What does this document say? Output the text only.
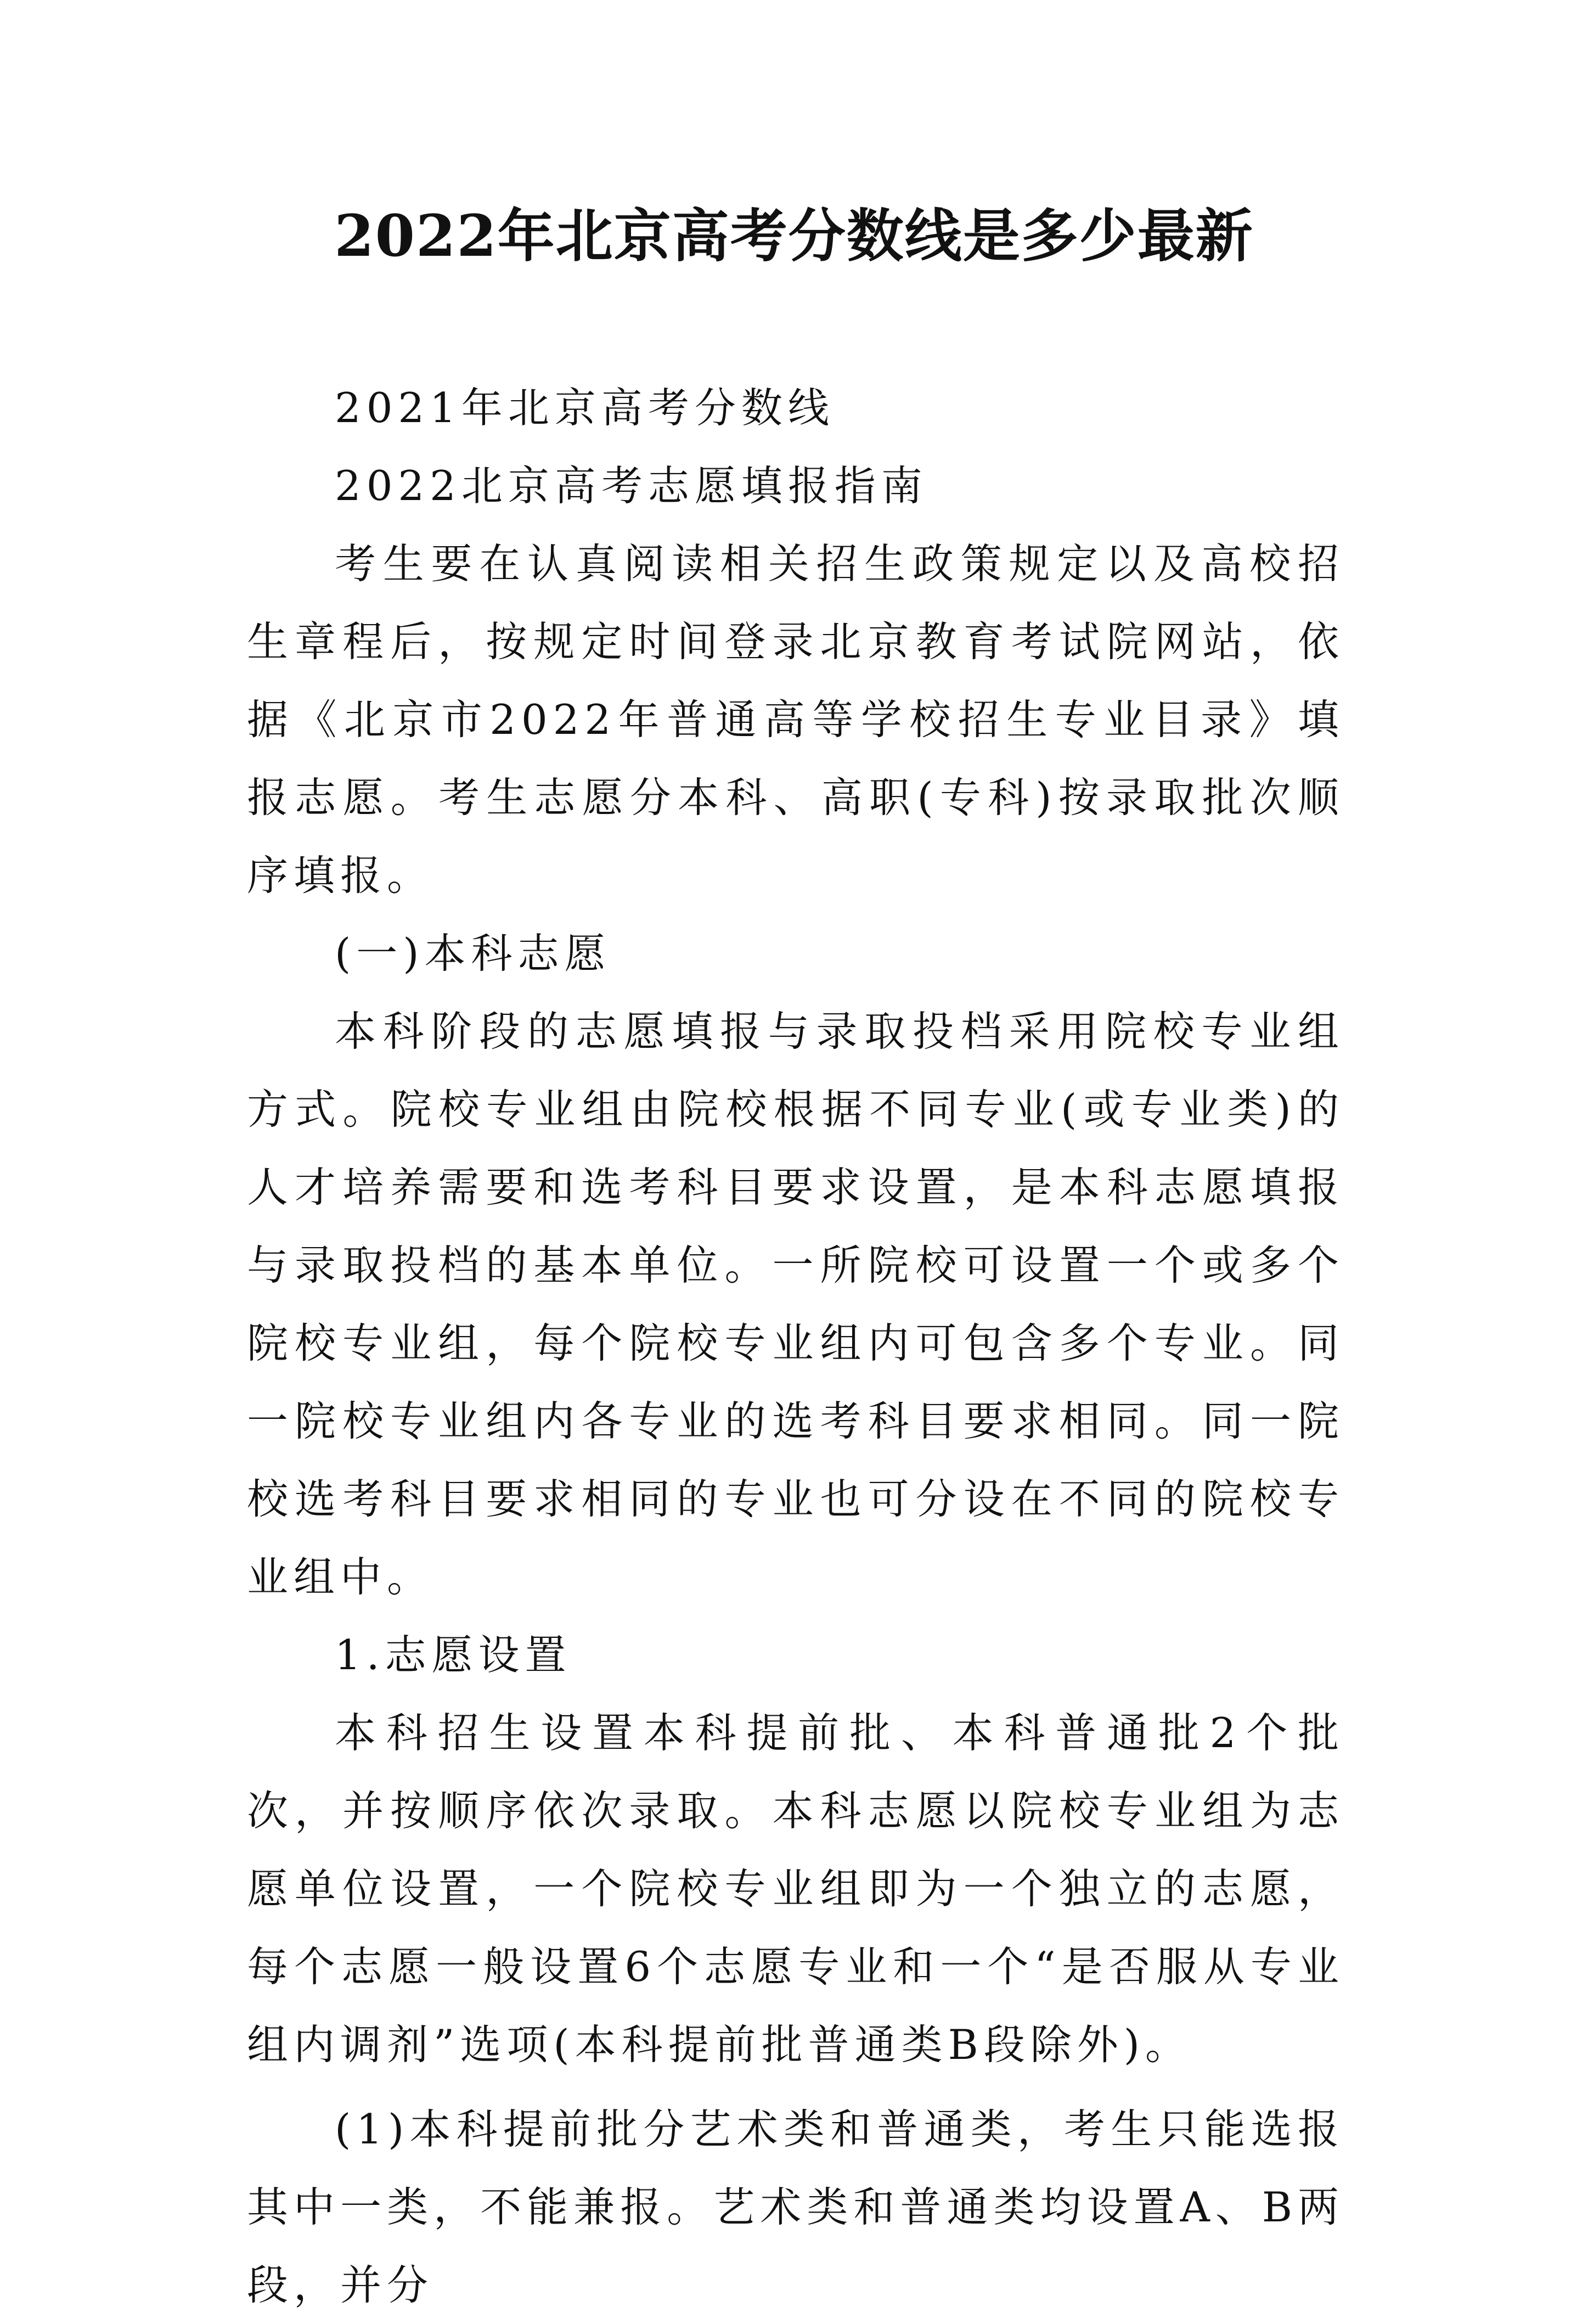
2022年北京高考分数线是多少最新

2021年北京高考分数线

2022北京高考志愿填报指南

考生要在认真阅读相关招生政策规定以及高校招生章程后，按规定时间登录北京教育考试院网站，依据《北京市2022年普通高等学校招生专业目录》填报志愿。考生志愿分本科、高职(专科)按录取批次顺序填报。

(一)本科志愿

本科阶段的志愿填报与录取投档采用院校专业组方式。院校专业组由院校根据不同专业(或专业类)的人才培养需要和选考科目要求设置，是本科志愿填报与录取投档的基本单位。一所院校可设置一个或多个院校专业组，每个院校专业组内可包含多个专业。同一院校专业组内各专业的选考科目要求相同。同一院校选考科目要求相同的专业也可分设在不同的院校专业组中。

1.志愿设置

本科招生设置本科提前批、本科普通批2个批次，并按顺序依次录取。本科志愿以院校专业组为志愿单位设置，一个院校专业组即为一个独立的志愿，每个志愿一般设置6个志愿专业和一个“是否服从专业组内调剂”选项(本科提前批普通类B段除外)。

(1)本科提前批分艺术类和普通类，考生只能选报其中一类，不能兼报。艺术类和普通类均设置A、B两段，并分
